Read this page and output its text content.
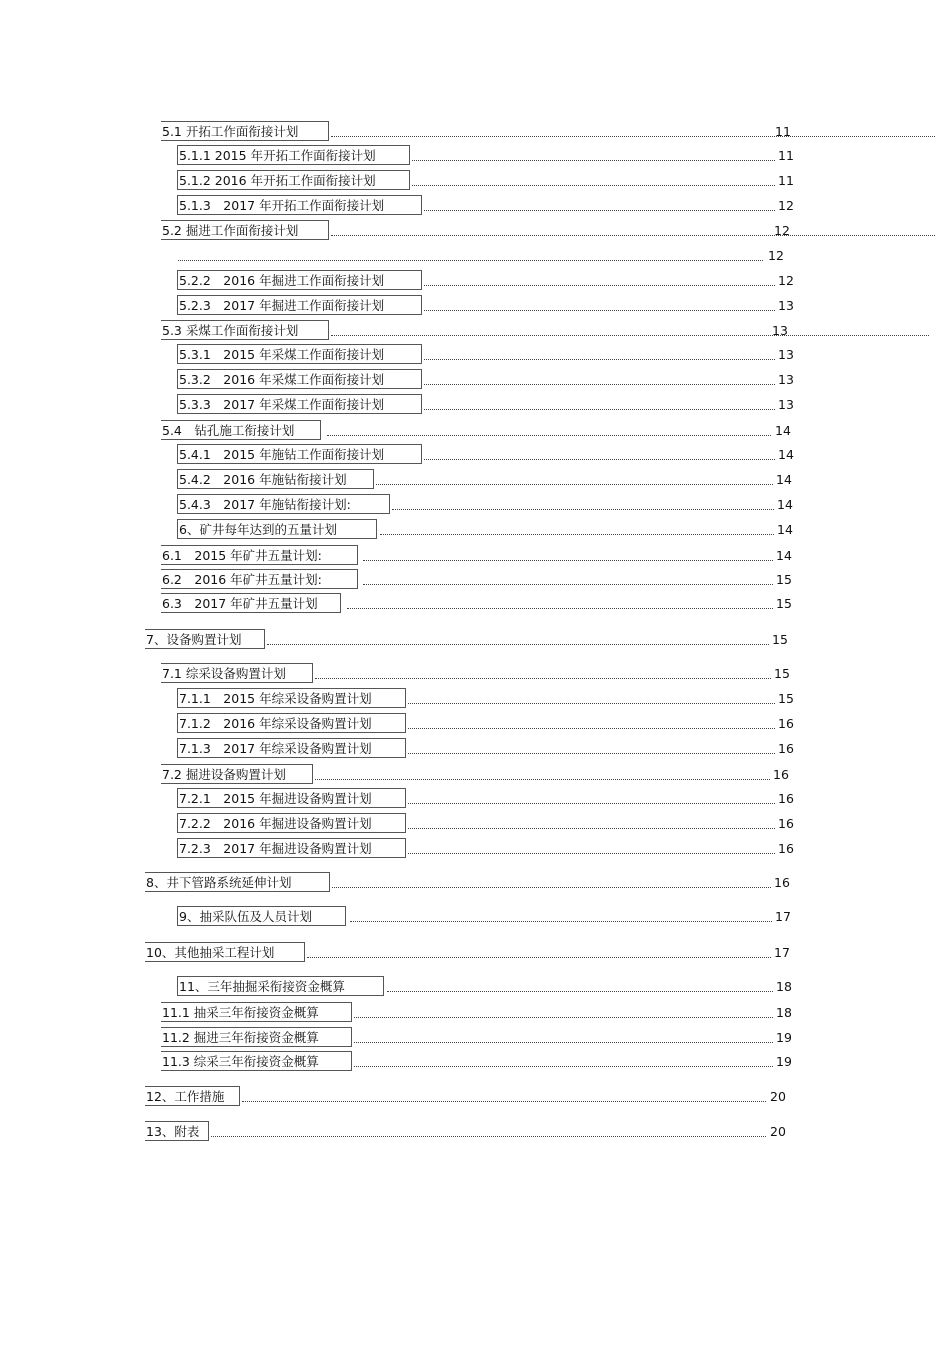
5.1 开拓工作面衔接计划	11
5.1.1 2015 年开拓工作面衔接计划	11
5.1.2 2016 年开拓工作面衔接计划	11
5.1.3　2017 年开拓工作面衔接计划	12
5.2 掘进工作面衔接计划	12
12
5.2.2　2016 年掘进工作面衔接计划	12
5.2.3　2017 年掘进工作面衔接计划	13
5.3 采煤工作面衔接计划	13
5.3.1　2015 年采煤工作面衔接计划	13
5.3.2　2016 年采煤工作面衔接计划	13
5.3.3　2017 年采煤工作面衔接计划	13
5.4　钻孔施工衔接计划	14
5.4.1　2015 年施钻工作面衔接计划	14
5.4.2　2016 年施钻衔接计划	14
5.4.3　2017 年施钻衔接计划:	14
6、矿井每年达到的五量计划	14
6.1　2015 年矿井五量计划:	14
6.2　2016 年矿井五量计划:	15
6.3　2017 年矿井五量计划	15
7、设备购置计划	15
7.1 综采设备购置计划	15
7.1.1　2015 年综采设备购置计划	15
7.1.2　2016 年综采设备购置计划	16
7.1.3　2017 年综采设备购置计划	16
7.2 掘进设备购置计划	16
7.2.1　2015 年掘进设备购置计划	16
7.2.2　2016 年掘进设备购置计划	16
7.2.3　2017 年掘进设备购置计划	16
8、井下管路系统延伸计划	16
9、抽采队伍及人员计划	17
10、其他抽采工程计划	17
11、三年抽掘采衔接资金概算	18
11.1 抽采三年衔接资金概算	18
11.2 掘进三年衔接资金概算	19
11.3 综采三年衔接资金概算	19
12、工作措施	20
13、附表	20
